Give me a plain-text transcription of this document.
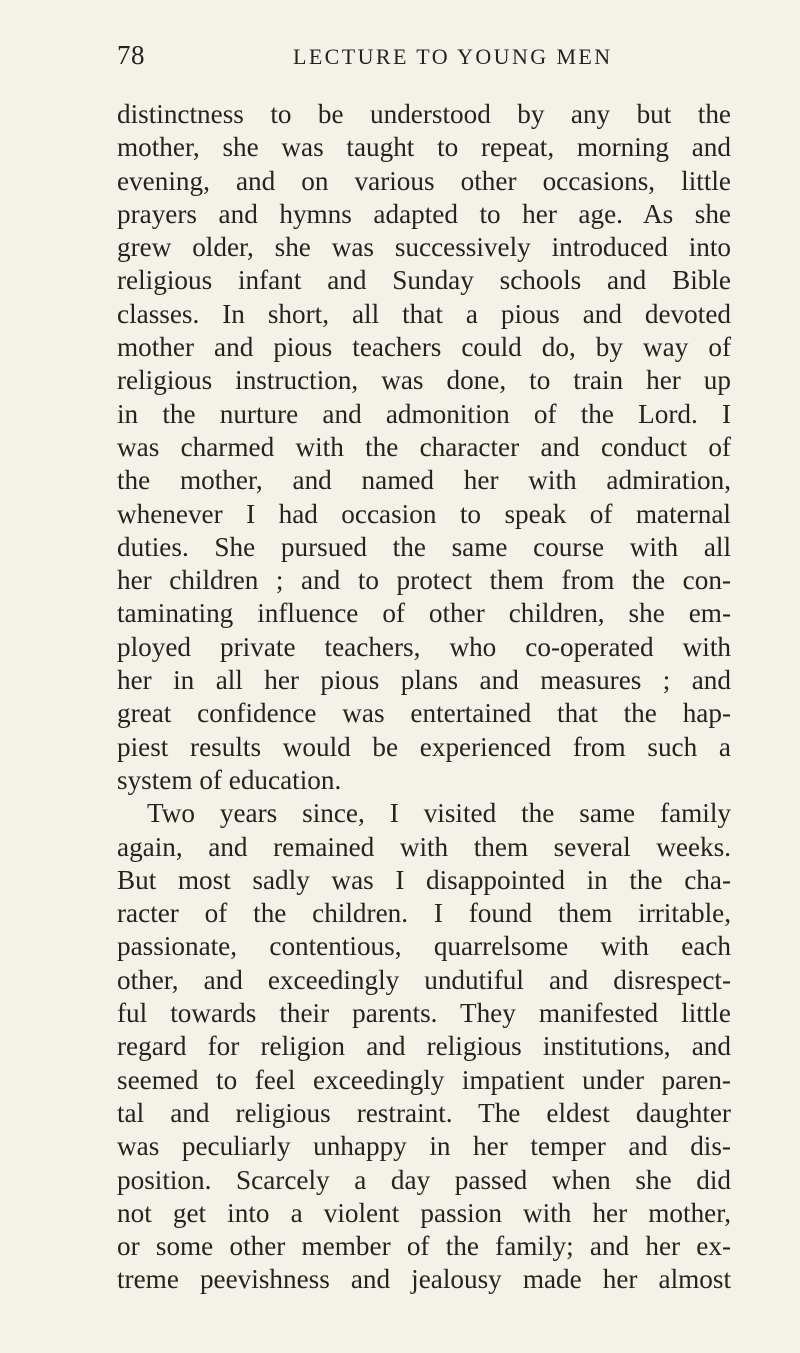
78	LECTURE TO YOUNG MEN
distinctness to be understood by any but the
mother, she was taught to repeat, morning and
evening, and on various other occasions, little
prayers and hymns adapted to her age. As she
grew older, she was successively introduced into
religious infant and Sunday schools and Bible
classes. In short, all that a pious and devoted
mother and pious teachers could do, by way of
religious instruction, was done, to train her up
in the nurture and admonition of the Lord. I
was charmed with the character and conduct of
the mother, and named her with admiration,
whenever I had occasion to speak of maternal
duties. She pursued the same course with all
her children ; and to protect them from the con-
taminating influence of other children, she em-
ployed private teachers, who co-operated with
her in all her pious plans and measures ; and
great confidence was entertained that the hap-
piest results would be experienced from such a
system of education.
Two years since, I visited the same family
again, and remained with them several weeks.
But most sadly was I disappointed in the cha-
racter of the children. I found them irritable,
passionate, contentious, quarrelsome with each
other, and exceedingly undutiful and disrespect-
ful towards their parents. They manifested little
regard for religion and religious institutions, and
seemed to feel exceedingly impatient under paren-
tal and religious restraint. The eldest daughter
was peculiarly unhappy in her temper and dis-
position. Scarcely a day passed when she did
not get into a violent passion with her mother,
or some other member of the family; and her ex-
treme peevishness and jealousy made her almost
